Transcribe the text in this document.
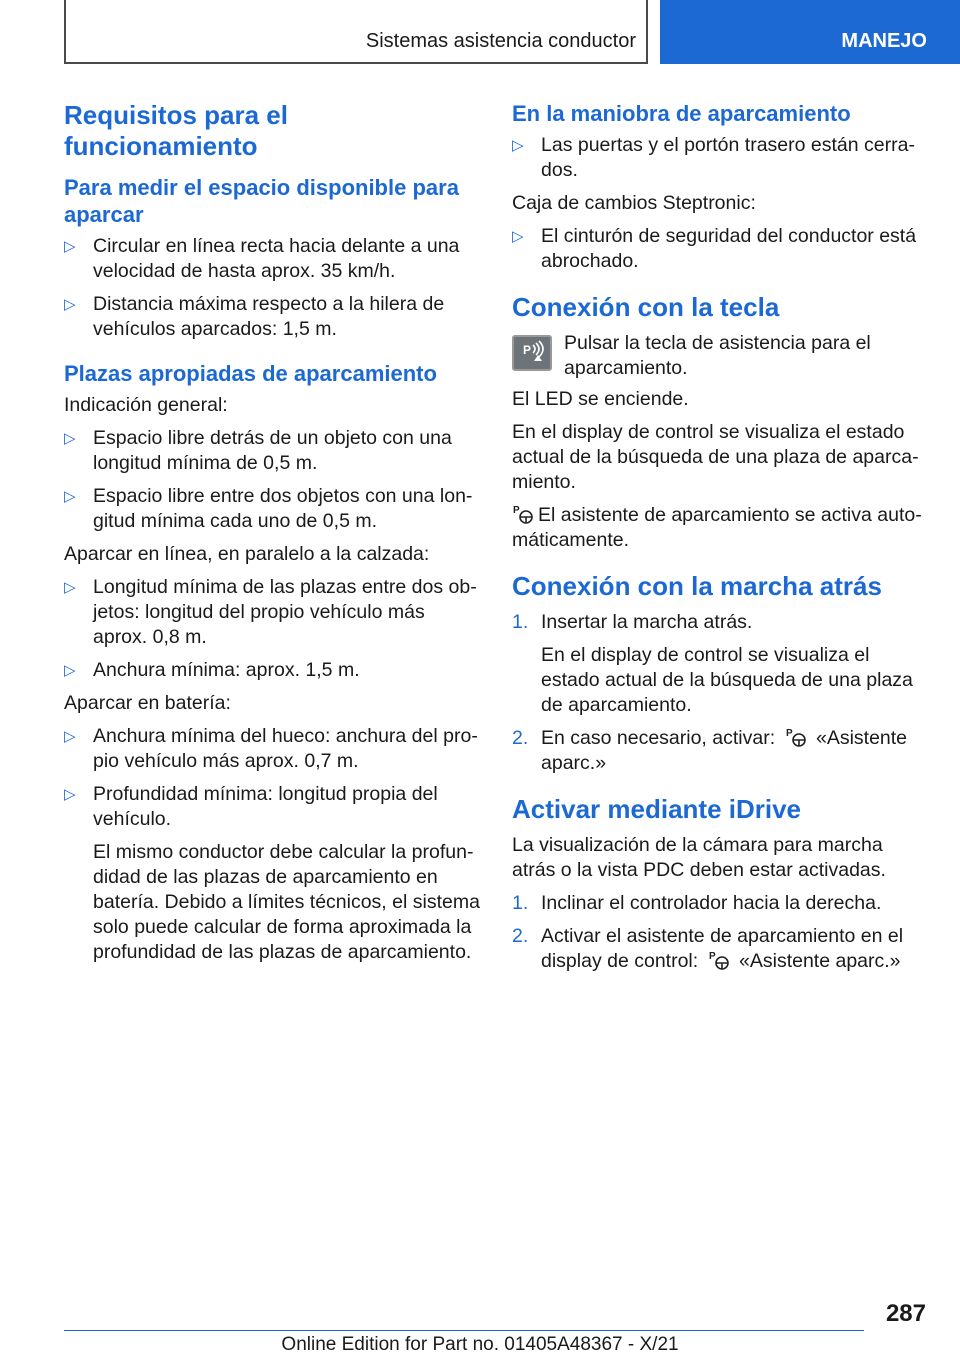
Sistemas asistencia conductor	MANEJO
Requisitos para el funcionamiento
Para medir el espacio disponible para aparcar
▷ Circular en línea recta hacia delante a una velocidad de hasta aprox. 35 km/h.
▷ Distancia máxima respecto a la hilera de vehículos aparcados: 1,5 m.
Plazas apropiadas de aparcamiento

Indicación general:

▷ Espacio libre detrás de un objeto con una longitud mínima de 0,5 m.
▷ Espacio libre entre dos objetos con una longitud mínima cada uno de 0,5 m.

Aparcar en línea, en paralelo a la calzada:

▷ Longitud mínima de las plazas entre dos objetos: longitud del propio vehículo más aprox. 0,8 m.
▷ Anchura mínima: aprox. 1,5 m.

Aparcar en batería:

▷ Anchura mínima del hueco: anchura del propio vehículo más aprox. 0,7 m.
▷ Profundidad mínima: longitud propia del vehículo.

El mismo conductor debe calcular la profundidad de las plazas de aparcamiento en batería. Debido a límites técnicos, el sistema solo puede calcular de forma aproximada la profundidad de las plazas de aparcamiento.

En la maniobra de aparcamiento
▷ Las puertas y el portón trasero están cerrados.

Caja de cambios Steptronic:

▷ El cinturón de seguridad del conductor está abrochado.
Conexión con la tecla
P Pulsar la tecla de asistencia para el aparcamiento.

El LED se enciende.

En el display de control se visualiza el estado actual de la búsqueda de una plaza de aparcamiento.

P El asistente de aparcamiento se activa automáticamente.

Conexión con la marcha atrás
1. Insertar la marcha atrás.

En el display de control se visualiza el estado actual de la búsqueda de una plaza de aparcamiento.

2. En caso necesario, activar: P «Asistente aparc.»
Activar mediante iDrive

La visualización de la cámara para marcha atrás o la vista PDC deben estar activadas.

1. Inclinar el controlador hacia la derecha.
2. Activar el asistente de aparcamiento en el display de control: P «Asistente aparc.»
287
Online Edition for Part no. 01405A48367 - X/21
